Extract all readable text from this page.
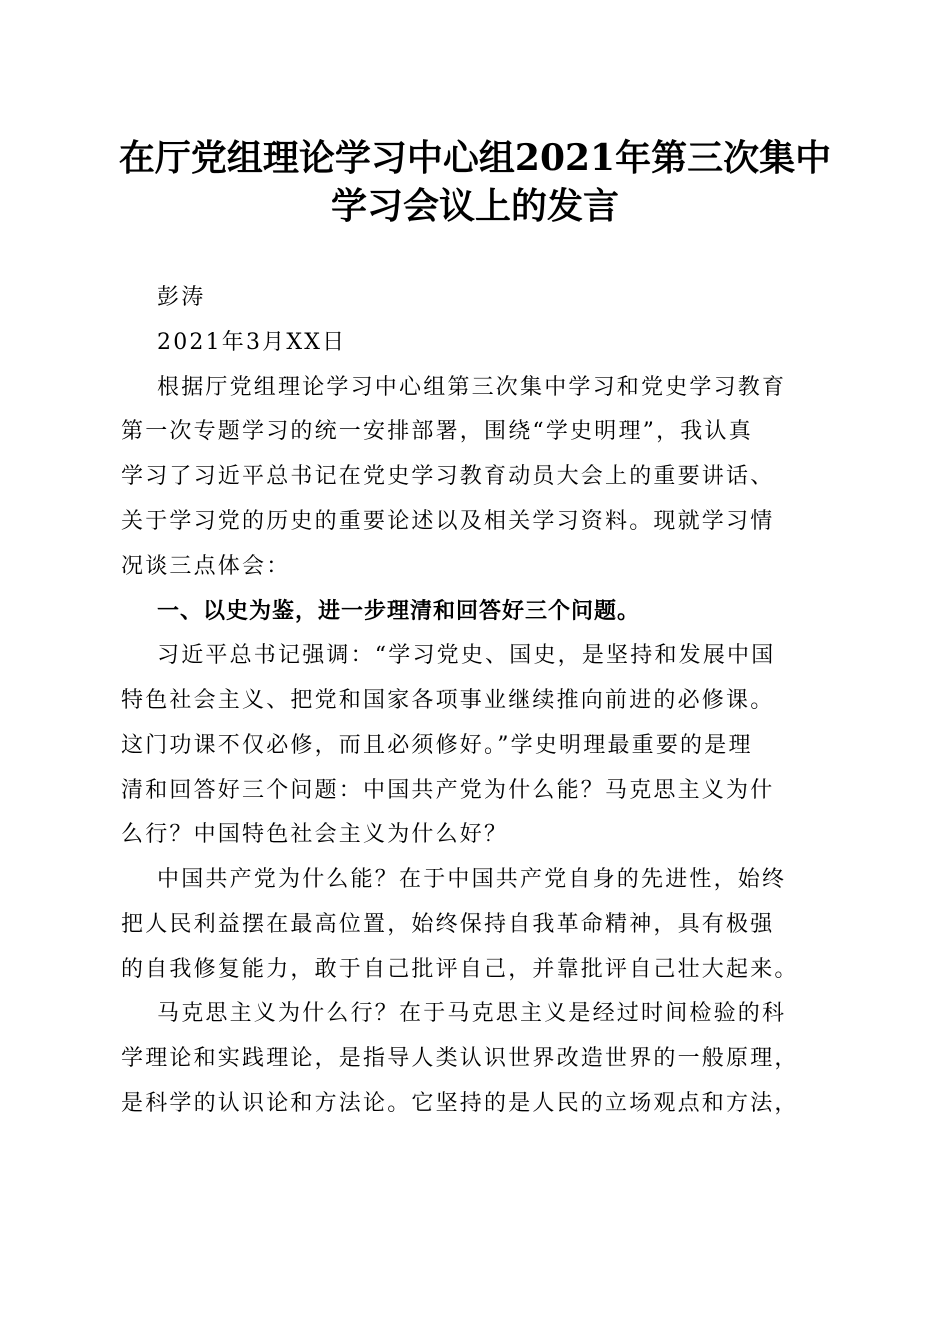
在厅党组理论学习中心组2021年第三次集中
学习会议上的发言
彭涛
2021年3月XX日
根据厅党组理论学习中心组第三次集中学习和党史学习教育
第一次专题学习的统一安排部署，围绕“学史明理”，我认真
学习了习近平总书记在党史学习教育动员大会上的重要讲话、
关于学习党的历史的重要论述以及相关学习资料。现就学习情
况谈三点体会：
一、以史为鉴，进一步理清和回答好三个问题。
习近平总书记强调：“学习党史、国史，是坚持和发展中国
特色社会主义、把党和国家各项事业继续推向前进的必修课。
这门功课不仅必修，而且必须修好。”学史明理最重要的是理
清和回答好三个问题：中国共产党为什么能？马克思主义为什
么行？中国特色社会主义为什么好？
中国共产党为什么能？在于中国共产党自身的先进性，始终
把人民利益摆在最高位置，始终保持自我革命精神，具有极强
的自我修复能力，敢于自己批评自己，并靠批评自己壮大起来。
马克思主义为什么行？在于马克思主义是经过时间检验的科
学理论和实践理论，是指导人类认识世界改造世界的一般原理，
是科学的认识论和方法论。它坚持的是人民的立场观点和方法，
